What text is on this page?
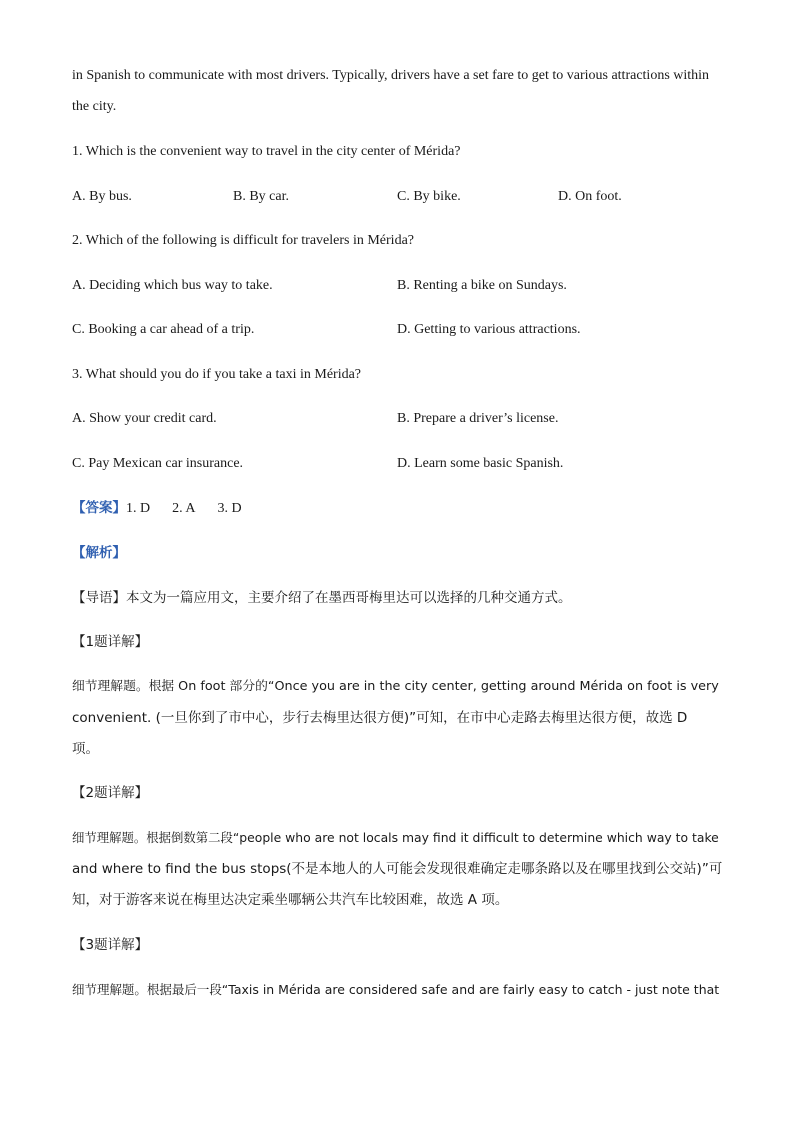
in Spanish to communicate with most drivers. Typically, drivers have a set fare to get to various attractions within
the city.
1. Which is the convenient way to travel in the city center of Mérida?
A. By bus.	B. By car.	C. By bike.	D. On foot.
2. Which of the following is difficult for travelers in Mérida?
A. Deciding which bus way to take.	B. Renting a bike on Sundays.
C. Booking a car ahead of a trip.	D. Getting to various attractions.
3. What should you do if you take a taxi in Mérida?
A. Show your credit card.	B. Prepare a driver’s license.
C. Pay Mexican car insurance.	D. Learn some basic Spanish.
【答案】1. D 2. A 3. D
【解析】
【导语】本文为一篇应用文，主要介绍了在墨西哥梅里达可以选择的几种交通方式。
【1题详解】
细节理解题。根据 On foot 部分的“Once you are in the city center, getting around Mérida on foot is very
convenient. (一旦你到了市中心，步行去梅里达很方便)”可知，在市中心走路去梅里达很方便，故选 D
项。
【2题详解】
细节理解题。根据倒数第二段“people who are not locals may find it difficult to determine which way to take
and where to find the bus stops(不是本地人的人可能会发现很难确定走哪条路以及在哪里找到公交站)”可
知，对于游客来说在梅里达决定乘坐哪辆公共汽车比较困难，故选 A 项。
【3题详解】
细节理解题。根据最后一段“Taxis in Mérida are considered safe and are fairly easy to catch - just note that
